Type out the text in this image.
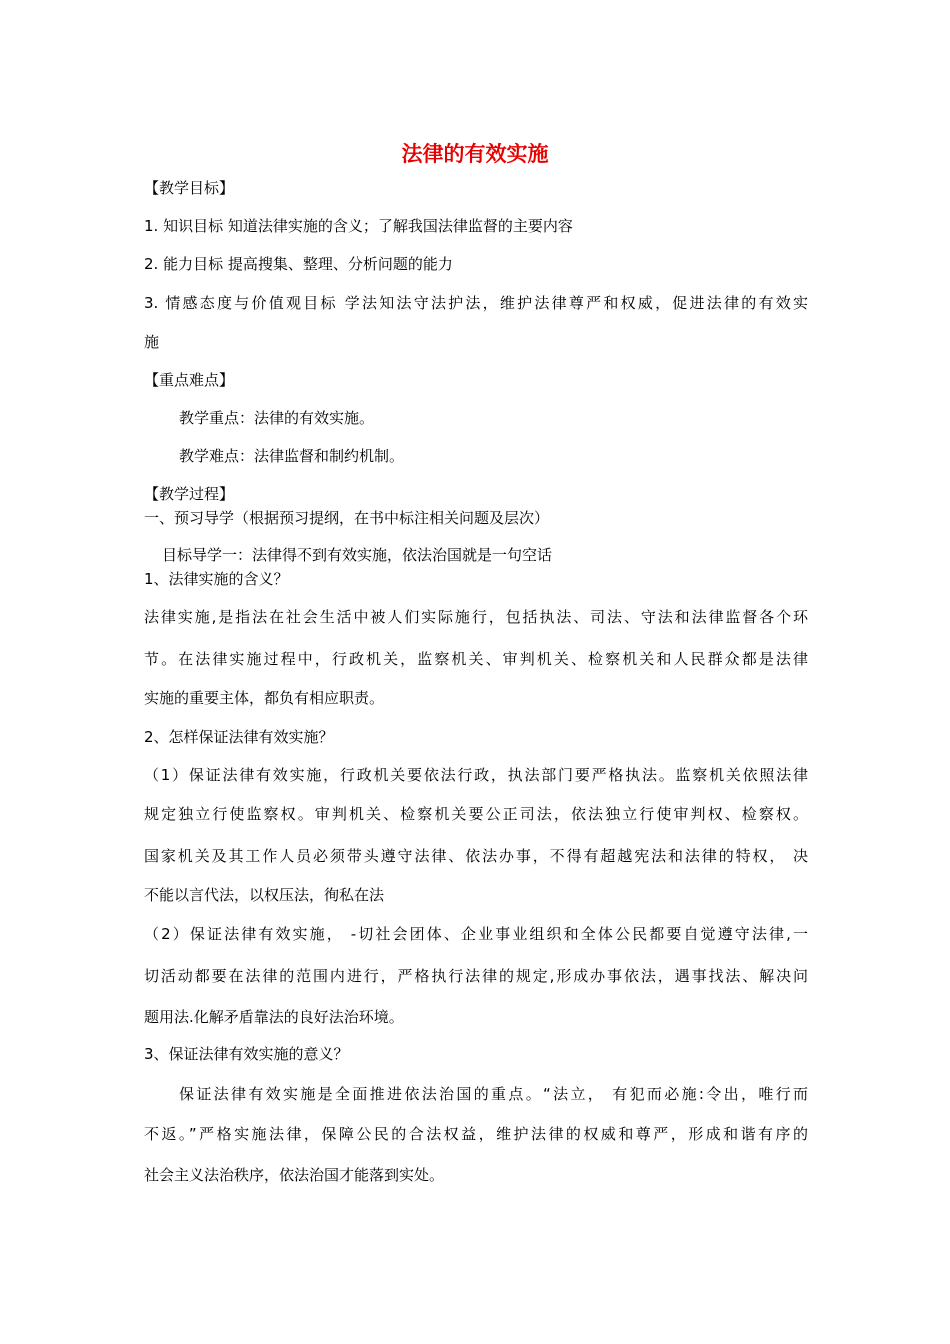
法律的有效实施
【教学目标】
1. 知识目标 知道法律实施的含义；了解我国法律监督的主要内容
2. 能力目标 提高搜集、整理、分析问题的能力
3. 情感态度与价值观目标 学法知法守法护法，维护法律尊严和权威，促进法律的有效实
施
【重点难点】
教学重点：法律的有效实施。
教学难点：法律监督和制约机制。
【教学过程】
一、预习导学（根据预习提纲，在书中标注相关问题及层次）
目标导学一：法律得不到有效实施，依法治国就是一句空话
1、法律实施的含义？
法律实施,是指法在社会生活中被人们实际施行，包括执法、司法、守法和法律监督各个环
节。在法律实施过程中，行政机关，监察机关、审判机关、检察机关和人民群众都是法律
实施的重要主体，都负有相应职责。
2、怎样保证法律有效实施？
（1）保证法律有效实施，行政机关要依法行政，执法部门要严格执法。监察机关依照法律
规定独立行使监察权。审判机关、检察机关要公正司法，依法独立行使审判权、检察权。
国家机关及其工作人员必须带头遵守法律、依法办事，不得有超越宪法和法律的特权， 决
不能以言代法，以权压法，徇私在法
（2）保证法律有效实施， -切社会团体、企业事业组织和全体公民都要自觉遵守法律,一
切活动都要在法律的范围内进行，严格执行法律的规定,形成办事依法，遇事找法、解决问
题用法.化解矛盾靠法的良好法治环境。
3、保证法律有效实施的意义？
保证法律有效实施是全面推进依法治国的重点。“法立， 有犯而必施:令出，唯行而
不返。”严格实施法律，保障公民的合法权益，维护法律的权威和尊严，形成和谐有序的
社会主义法治秩序，依法治国才能落到实处。
